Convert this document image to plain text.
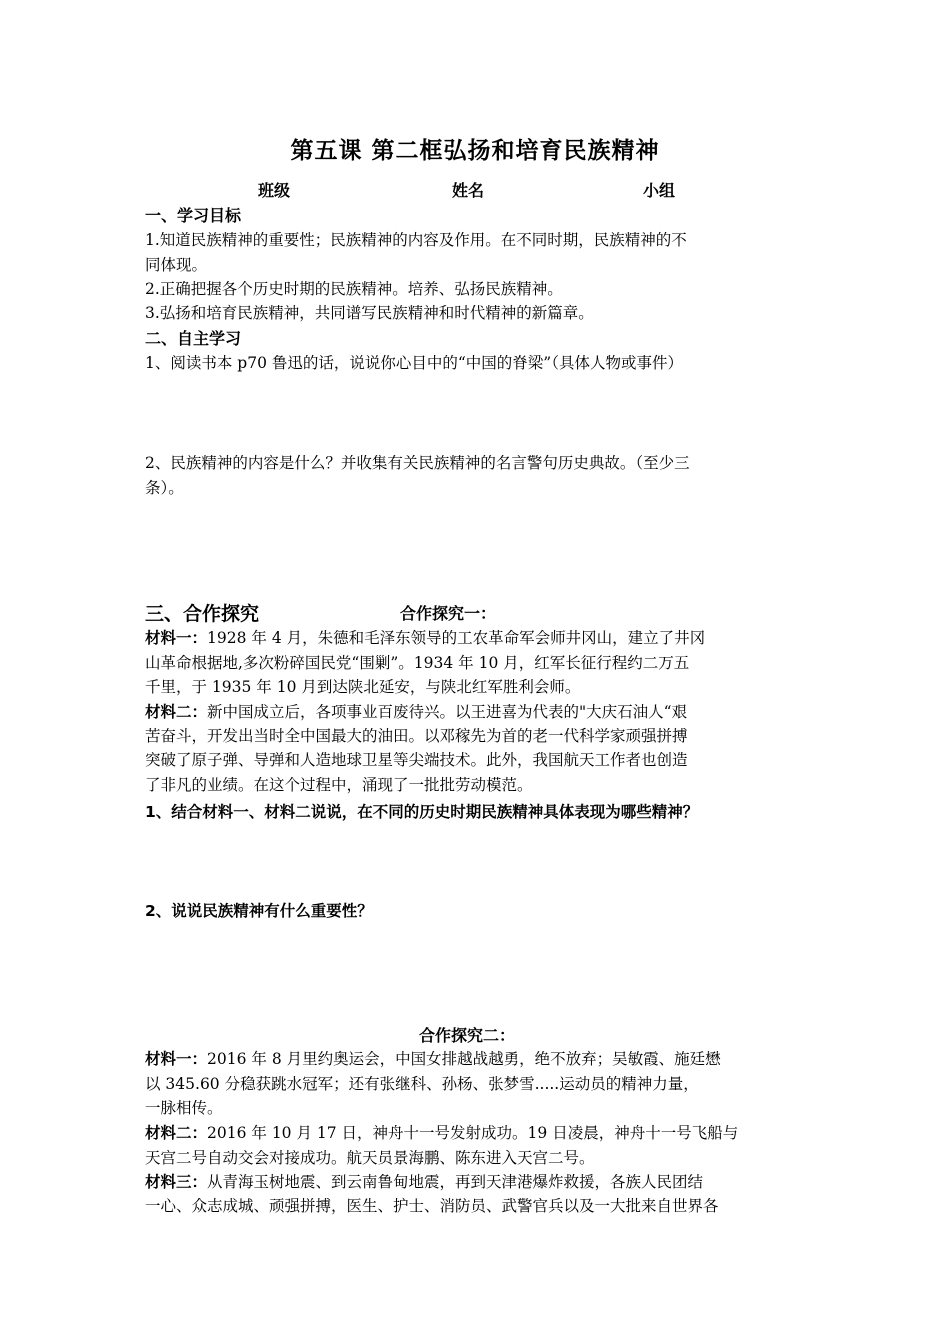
第五课 第二框弘扬和培育民族精神
班级	姓名	小组
一、学习目标
1.知道民族精神的重要性；民族精神的内容及作用。在不同时期，民族精神的不
同体现。
2.正确把握各个历史时期的民族精神。培养、弘扬民族精神。
3.弘扬和培育民族精神，共同谱写民族精神和时代精神的新篇章。
二、自主学习
1、阅读书本 p70 鲁迅的话，说说你心目中的“中国的脊梁”（具体人物或事件）
2、民族精神的内容是什么？并收集有关民族精神的名言警句历史典故。（至少三
条）。
三、合作探究	合作探究一：
材料一：1928 年 4 月，朱德和毛泽东领导的工农革命军会师井冈山，建立了井冈
山革命根据地,多次粉碎国民党“围剿”。1934 年 10 月，红军长征行程约二万五
千里，于 1935 年 10 月到达陕北延安，与陕北红军胜利会师。
材料二：新中国成立后，各项事业百废待兴。以王进喜为代表的"大庆石油人“艰
苦奋斗，开发出当时全中国最大的油田。以邓稼先为首的老一代科学家顽强拼搏
突破了原子弹、导弹和人造地球卫星等尖端技术。此外，我国航天工作者也创造
了非凡的业绩。在这个过程中，涌现了一批批劳动模范。
1、结合材料一、材料二说说，在不同的历史时期民族精神具体表现为哪些精神？
2、说说民族精神有什么重要性？
合作探究二：
材料一：2016 年 8 月里约奥运会，中国女排越战越勇，绝不放弃；吴敏霞、施廷懋
以 345.60 分稳获跳水冠军；还有张继科、孙杨、张梦雪.....运动员的精神力量，
一脉相传。
材料二：2016 年 10 月 17 日，神舟十一号发射成功。19 日凌晨，神舟十一号飞船与
天宫二号自动交会对接成功。航天员景海鹏、陈东进入天宫二号。
材料三：从青海玉树地震、到云南鲁甸地震，再到天津港爆炸救援，各族人民团结
一心、众志成城、顽强拼搏，医生、护士、消防员、武警官兵以及一大批来自世界各
